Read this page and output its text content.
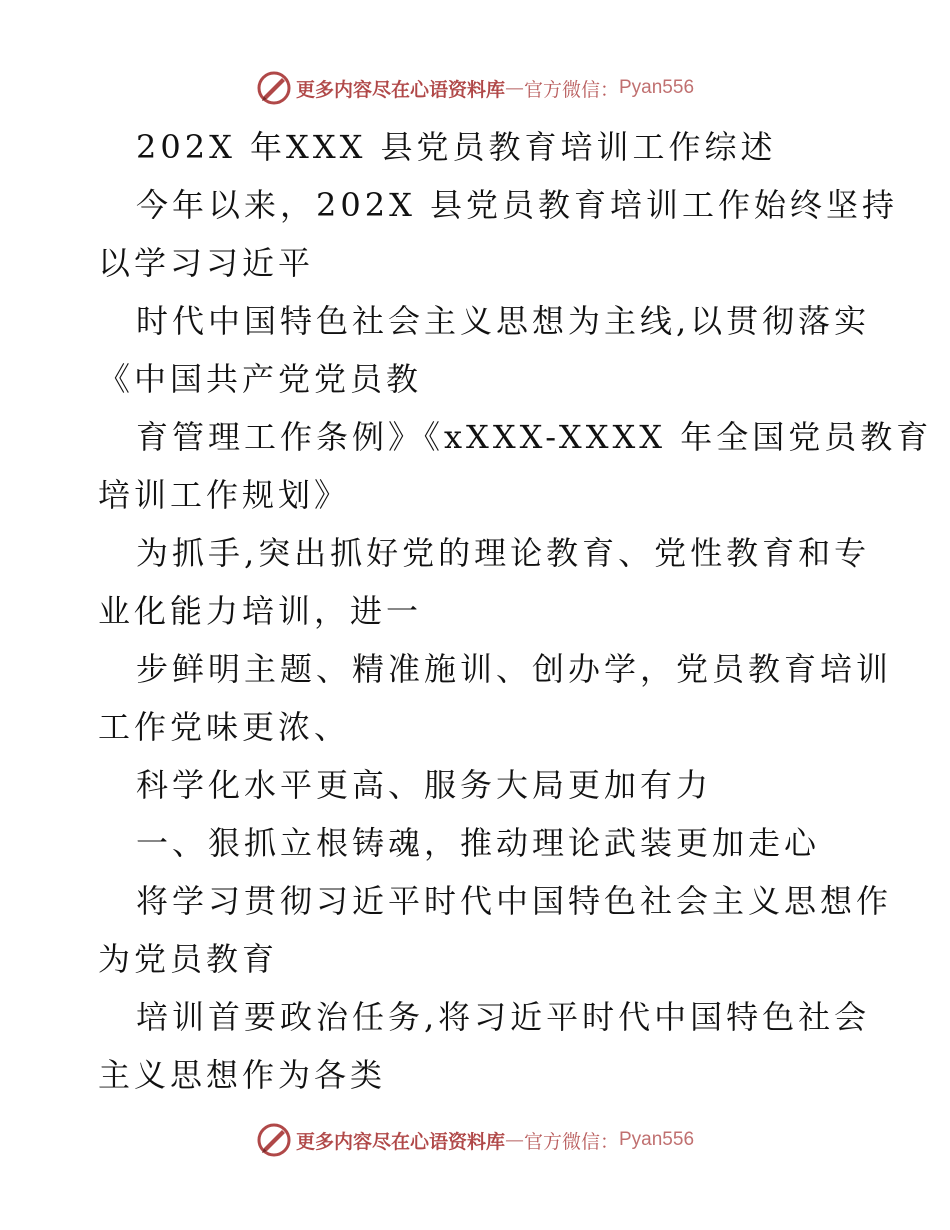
更多内容尽在心语资料库 — 官方微信： Pyan556

202X 年XXX 县党员教育培训工作综述

今年以来，202X 县党员教育培训工作始终坚持

以学习习近平

时代中国特色社会主义思想为主线,以贯彻落实

《中国共产党党员教

育管理工作条例》《xXXX-XXXX 年全国党员教育

培训工作规划》

为抓手,突出抓好党的理论教育、党性教育和专

业化能力培训，进一

步鲜明主题、精准施训、创办学，党员教育培训

工作党味更浓、

科学化水平更高、服务大局更加有力

一、狠抓立根铸魂，推动理论武装更加走心

将学习贯彻习近平时代中国特色社会主义思想作

为党员教育

培训首要政治任务,将习近平时代中国特色社会

主义思想作为各类

更多内容尽在心语资料库 — 官方微信： Pyan556
